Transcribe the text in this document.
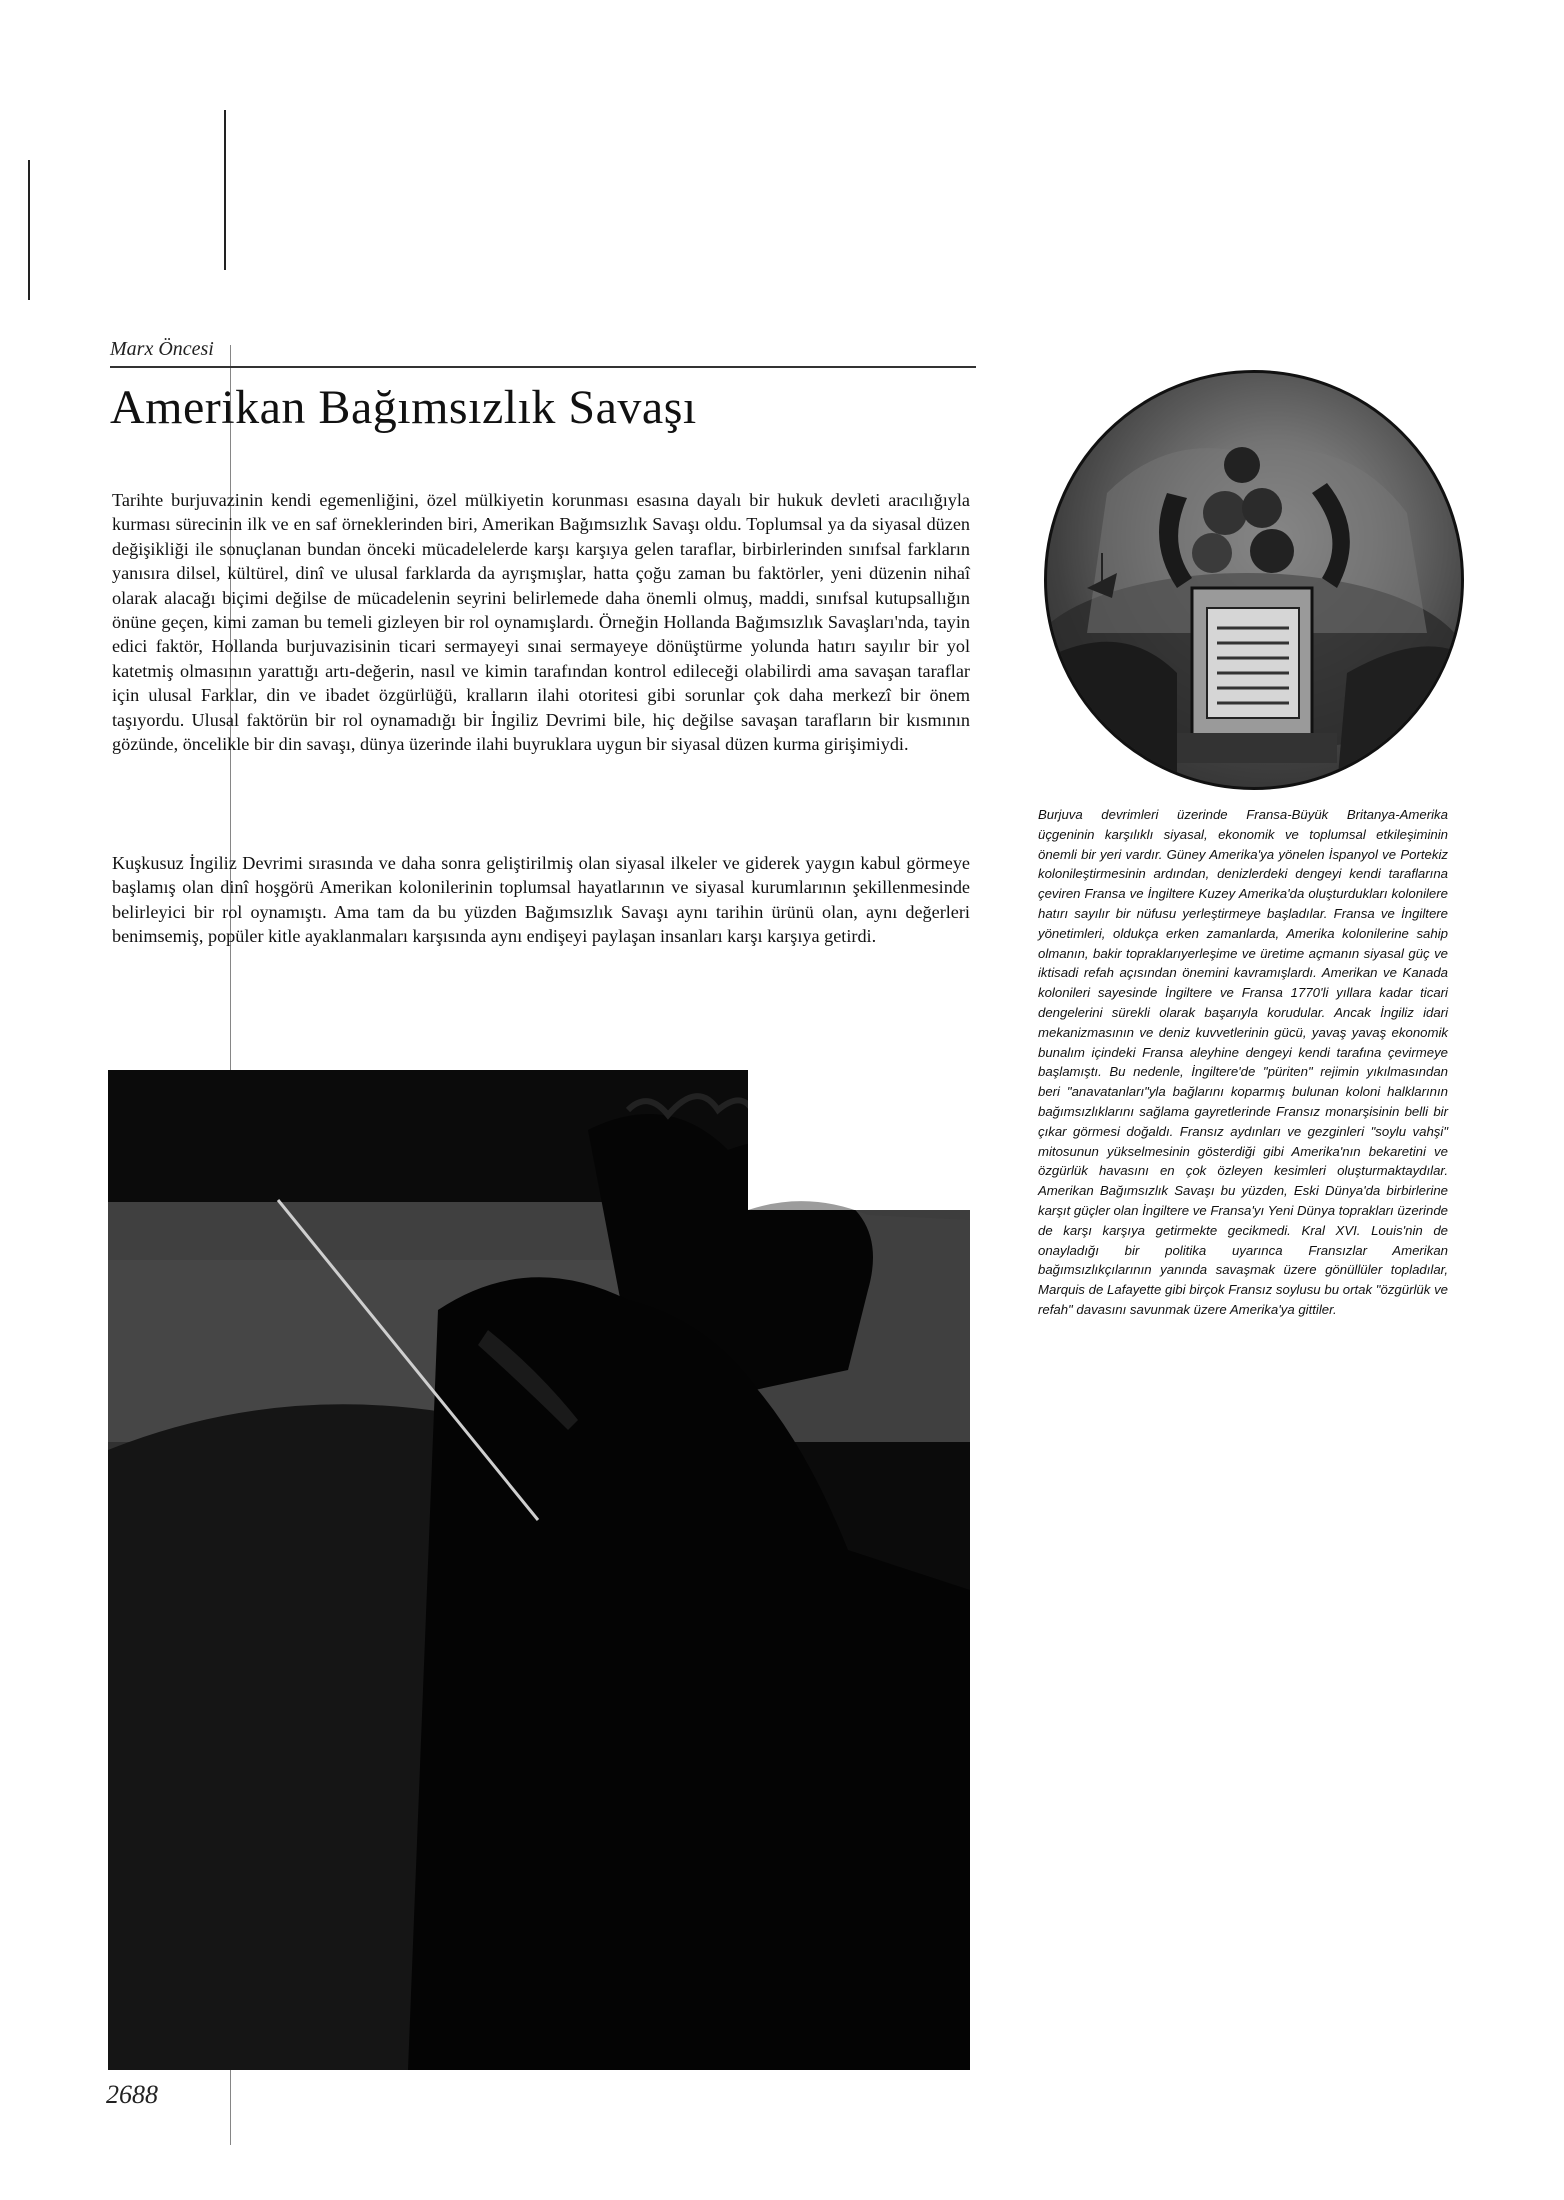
Marx Öncesi
Amerikan Bağımsızlık Savaşı

Tarihte burjuvazinin kendi egemenliğini, özel mülkiyetin korunması esasına dayalı bir hukuk devleti aracılığıyla kurması sürecinin ilk ve en saf örneklerinden biri, Amerikan Bağımsızlık Savaşı oldu. Toplumsal ya da siyasal düzen değişikliği ile sonuçlanan bundan önceki mücadelelerde karşı karşıya gelen taraflar, birbirlerinden sınıfsal farkların yanısıra dilsel, kültürel, dinî ve ulusal farklarda da ayrışmışlar, hatta çoğu zaman bu faktörler, yeni düzenin nihaî olarak alacağı biçimi değilse de mücadelenin seyrini belirlemede daha önemli olmuş, maddi, sınıfsal kutupsallığın önüne geçen, kimi zaman bu temeli gizleyen bir rol oynamışlardı. Örneğin Hollanda Bağımsızlık Savaşları'nda, tayin edici faktör, Hollanda burjuvazisinin ticari sermayeyi sınai sermayeye dönüştürme yolunda hatırı sayılır bir yol katetmiş olmasının yarattığı artı-değerin, nasıl ve kimin tarafından kontrol edileceği olabilirdi ama savaşan taraflar için ulusal Farklar, din ve ibadet özgürlüğü, kralların ilahi otoritesi gibi sorunlar çok daha merkezî bir önem taşıyordu. Ulusal faktörün bir rol oynamadığı bir İngiliz Devrimi bile, hiç değilse savaşan tarafların bir kısmının gözünde, öncelikle bir din savaşı, dünya üzerinde ilahi buyruklara uygun bir siyasal düzen kurma girişimiydi.

Kuşkusuz İngiliz Devrimi sırasında ve daha sonra geliştirilmiş olan siyasal ilkeler ve giderek yaygın kabul görmeye başlamış olan dinî hoşgörü Amerikan kolonilerinin toplumsal hayatlarının ve siyasal kurumlarının şekillenmesinde belirleyici bir rol oynamıştı. Ama tam da bu yüzden Bağımsızlık Savaşı aynı tarihin ürünü olan, aynı değerleri benimsemiş, popüler kitle ayaklanmaları karşısında aynı endişeyi paylaşan insanları karşı karşıya getirdi.

Burjuva devrimleri üzerinde Fransa-Büyük Britanya-Amerika üçgeninin karşılıklı siyasal, ekonomik ve toplumsal etkileşiminin önemli bir yeri vardır. Güney Amerika'ya yönelen İspanyol ve Portekiz kolonileştirmesinin ardından, denizlerdeki dengeyi kendi taraflarına çeviren Fransa ve İngiltere Kuzey Amerika'da oluşturdukları kolonilere hatırı sayılır bir nüfusu yerleştirmeye başladılar. Fransa ve İngiltere yönetimleri, oldukça erken zamanlarda, Amerika kolonilerine sahip olmanın, bakir topraklarıyerleşime ve üretime açmanın siyasal güç ve iktisadi refah açısından önemini kavramışlardı. Amerikan ve Kanada kolonileri sayesinde İngiltere ve Fransa 1770'li yıllara kadar ticari dengelerini sürekli olarak başarıyla korudular. Ancak İngiliz idari mekanizmasının ve deniz kuvvetlerinin gücü, yavaş yavaş ekonomik bunalım içindeki Fransa aleyhine dengeyi kendi tarafına çevirmeye başlamıştı. Bu nedenle, İngiltere'de "püriten" rejimin yıkılmasından beri "anavatanları"yla bağlarını koparmış bulunan koloni halklarının bağımsızlıklarını sağlama gayretlerinde Fransız monarşisinin belli bir çıkar görmesi doğaldı. Fransız aydınları ve gezginleri "soylu vahşi" mitosunun yükselmesinin gösterdiği gibi Amerika'nın bekaretini ve özgürlük havasını en çok özleyen kesimleri oluşturmaktaydılar. Amerikan Bağımsızlık Savaşı bu yüzden, Eski Dünya'da birbirlerine karşıt güçler olan İngiltere ve Fransa'yı Yeni Dünya toprakları üzerinde de karşı karşıya getirmekte gecikmedi. Kral XVI. Louis'nin de onayladığı bir politika uyarınca Fransızlar Amerikan bağımsızlıkçılarının yanında savaşmak üzere gönüllüler topladılar, Marquis de Lafayette gibi birçok Fransız soylusu bu ortak "özgürlük ve refah" davasını savunmak üzere Amerika'ya gittiler.

2688
